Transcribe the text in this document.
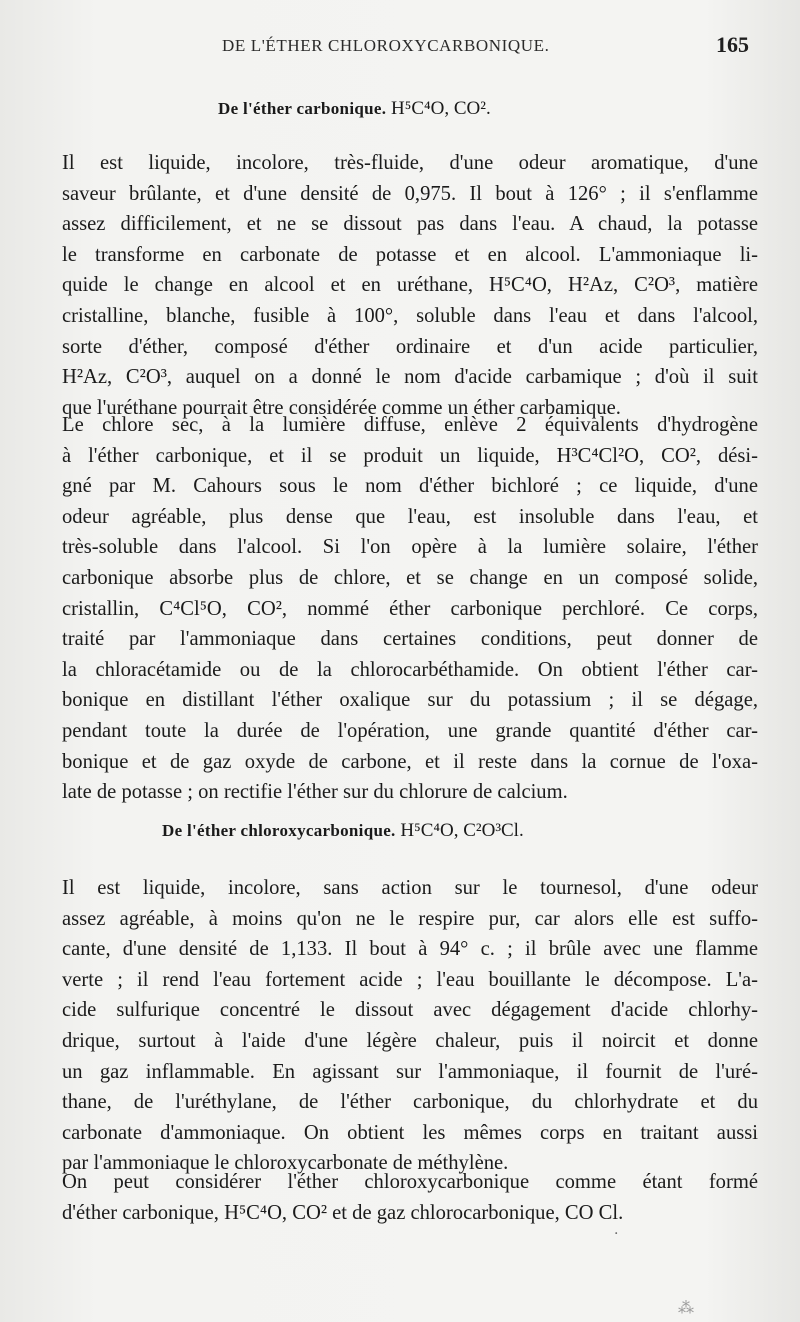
DE L'ÉTHER CHLOROXYCARBONIQUE.	165
De l'éther carbonique. H⁵C⁴O, CO².

Il est liquide, incolore, très-fluide, d'une odeur aromatique, d'une
saveur brûlante, et d'une densité de 0,975. Il bout à 126° ; il s'enflamme
assez difficilement, et ne se dissout pas dans l'eau. A chaud, la potasse
le transforme en carbonate de potasse et en alcool. L'ammoniaque li-
quide le change en alcool et en uréthane, H⁵C⁴O, H²Az, C²O³, matière
cristalline, blanche, fusible à 100°, soluble dans l'eau et dans l'alcool,
sorte d'éther, composé d'éther ordinaire et d'un acide particulier,
H²Az, C²O³, auquel on a donné le nom d'acide carbamique ; d'où il suit
que l'uréthane pourrait être considérée comme un éther carbamique.

Le chlore sec, à la lumière diffuse, enlève 2 équivalents d'hydrogène
à l'éther carbonique, et il se produit un liquide, H³C⁴Cl²O, CO², dési-
gné par M. Cahours sous le nom d'éther bichloré ; ce liquide, d'une
odeur agréable, plus dense que l'eau, est insoluble dans l'eau, et
très-soluble dans l'alcool. Si l'on opère à la lumière solaire, l'éther
carbonique absorbe plus de chlore, et se change en un composé solide,
cristallin, C⁴Cl⁵O, CO², nommé éther carbonique perchloré. Ce corps,
traité par l'ammoniaque dans certaines conditions, peut donner de
la chloracétamide ou de la chlorocarbéthamide. On obtient l'éther car-
bonique en distillant l'éther oxalique sur du potassium ; il se dégage,
pendant toute la durée de l'opération, une grande quantité d'éther car-
bonique et de gaz oxyde de carbone, et il reste dans la cornue de l'oxa-
late de potasse ; on rectifie l'éther sur du chlorure de calcium.

De l'éther chloroxycarbonique. H⁵C⁴O, C²O³Cl.

Il est liquide, incolore, sans action sur le tournesol, d'une odeur
assez agréable, à moins qu'on ne le respire pur, car alors elle est suffo-
cante, d'une densité de 1,133. Il bout à 94° c. ; il brûle avec une flamme
verte ; il rend l'eau fortement acide ; l'eau bouillante le décompose. L'a-
cide sulfurique concentré le dissout avec dégagement d'acide chlorhy-
drique, surtout à l'aide d'une légère chaleur, puis il noircit et donne
un gaz inflammable. En agissant sur l'ammoniaque, il fournit de l'uré-
thane, de l'uréthylane, de l'éther carbonique, du chlorhydrate et du
carbonate d'ammoniaque. On obtient les mêmes corps en traitant aussi
par l'ammoniaque le chloroxycarbonate de méthylène.

On peut considérer l'éther chloroxycarbonique comme étant formé
d'éther carbonique, H⁵C⁴O, CO² et de gaz chlorocarbonique, CO Cl.

·
⁂
